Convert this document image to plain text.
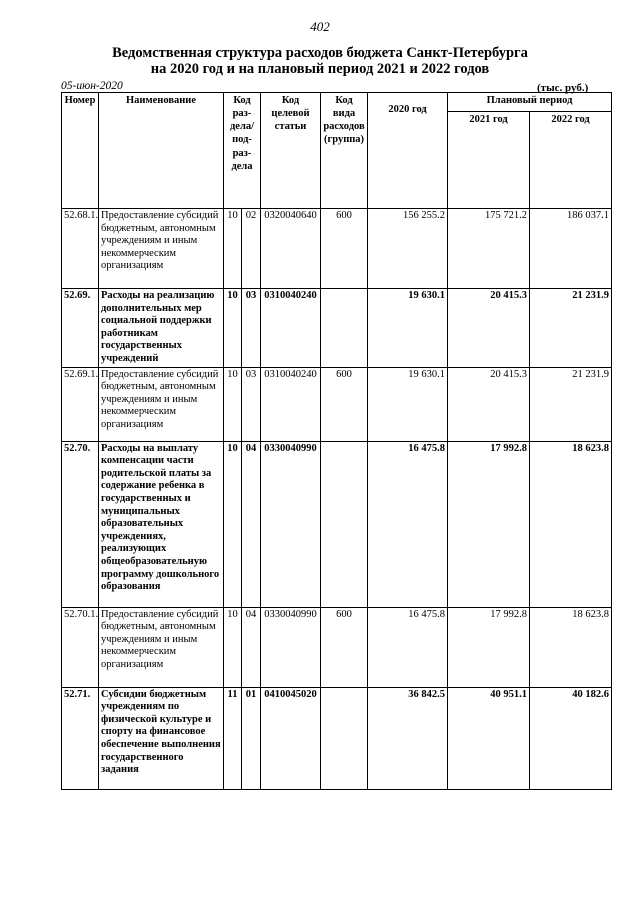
402
Ведомственная структура расходов бюджета Санкт-Петербурга
на 2020 год и на плановый период 2021 и 2022 годов
05-июн-2020	(тыс. руб.)
Номер	Наименование	Код раз-дела/ под-раз-дела		Код целевой статьи	Код вида расходов (группа)	2020 год	Плановый период	
							2021 год	2022 год
52.68.1.	Предоставление субсидий бюджетным, автономным учреждениям и иным некоммерческим организациям	10	02	0320040640	600	156 255.2	175 721.2	186 037.1
52.69.	Расходы на реализацию дополнительных мер социальной поддержки работникам государственных учреждений	10	03	0310040240		19 630.1	20 415.3	21 231.9
52.69.1.	Предоставление субсидий бюджетным, автономным учреждениям и иным некоммерческим организациям	10	03	0310040240	600	19 630.1	20 415.3	21 231.9
52.70.	Расходы на выплату компенсации части родительской платы за содержание ребенка в государственных и муниципальных образовательных учреждениях, реализующих общеобразовательную программу дошкольного образования	10	04	0330040990		16 475.8	17 992.8	18 623.8
52.70.1.	Предоставление субсидий бюджетным, автономным учреждениям и иным некоммерческим организациям	10	04	0330040990	600	16 475.8	17 992.8	18 623.8
52.71.	Субсидии бюджетным учреждениям по физической культуре и спорту на финансовое обеспечение выполнения государственного задания	11	01	0410045020		36 842.5	40 951.1	40 182.6
